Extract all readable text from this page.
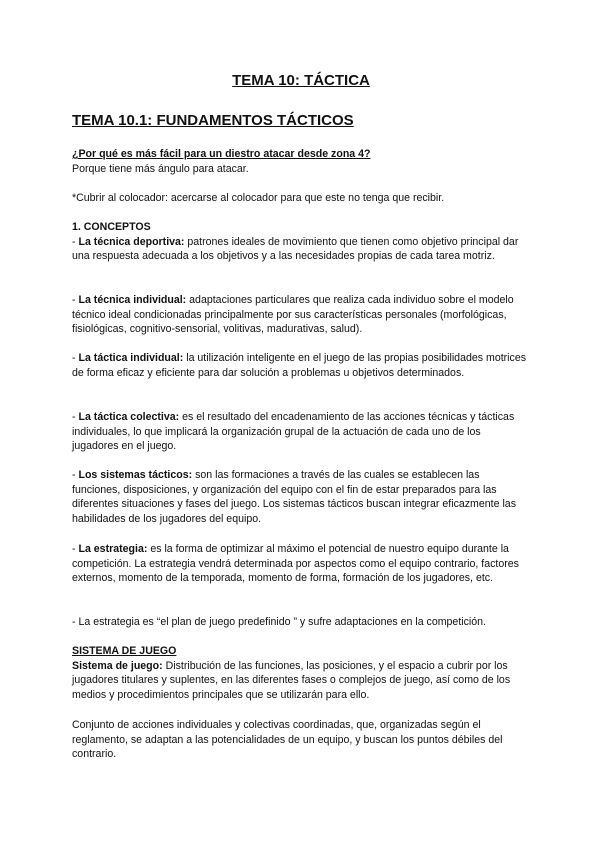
TEMA 10: TÁCTICA
TEMA 10.1: FUNDAMENTOS TÁCTICOS

¿Por qué es más fácil para un diestro atacar desde zona 4?

Porque tiene más ángulo para atacar.

*Cubrir al colocador: acercarse al colocador para que este no tenga que recibir.

1. CONCEPTOS

- La técnica deportiva: patrones ideales de movimiento que tienen como objetivo principal dar una respuesta adecuada a los objetivos y a las necesidades propias de cada tarea motriz.

- La técnica individual: adaptaciones particulares que realiza cada individuo sobre el modelo técnico ideal condicionadas principalmente por sus características personales (morfológicas, fisiológicas, cognitivo-sensorial, volitivas, madurativas, salud).

- La táctica individual: la utilización inteligente en el juego de las propias posibilidades motrices de forma eficaz y eficiente para dar solución a problemas u objetivos determinados.

- La táctica colectiva: es el resultado del encadenamiento de las acciones técnicas y tácticas individuales, lo que implicará la organización grupal de la actuación de cada uno de los jugadores en el juego.

- Los sistemas tácticos: son las formaciones a través de las cuales se establecen las funciones, disposiciones, y organización del equipo con el fin de estar preparados para las diferentes situaciones y fases del juego. Los sistemas tácticos buscan integrar eficazmente las habilidades de los jugadores del equipo.

- La estrategia: es la forma de optimizar al máximo el potencial de nuestro equipo durante la competición. La estrategia vendrá determinada por aspectos como el equipo contrario, factores externos, momento de la temporada, momento de forma, formación de los jugadores, etc.

- La estrategia es “el plan de juego predefinido ” y sufre adaptaciones en la competición.

SISTEMA DE JUEGO

Sistema de juego: Distribución de las funciones, las posiciones, y el espacio a cubrir por los jugadores titulares y suplentes, en las diferentes fases o complejos de juego, así como de los medios y procedimientos principales que se utilizarán para ello.

Conjunto de acciones individuales y colectivas coordinadas, que, organizadas según el reglamento, se adaptan a las potencialidades de un equipo, y buscan los puntos débiles del contrario.
